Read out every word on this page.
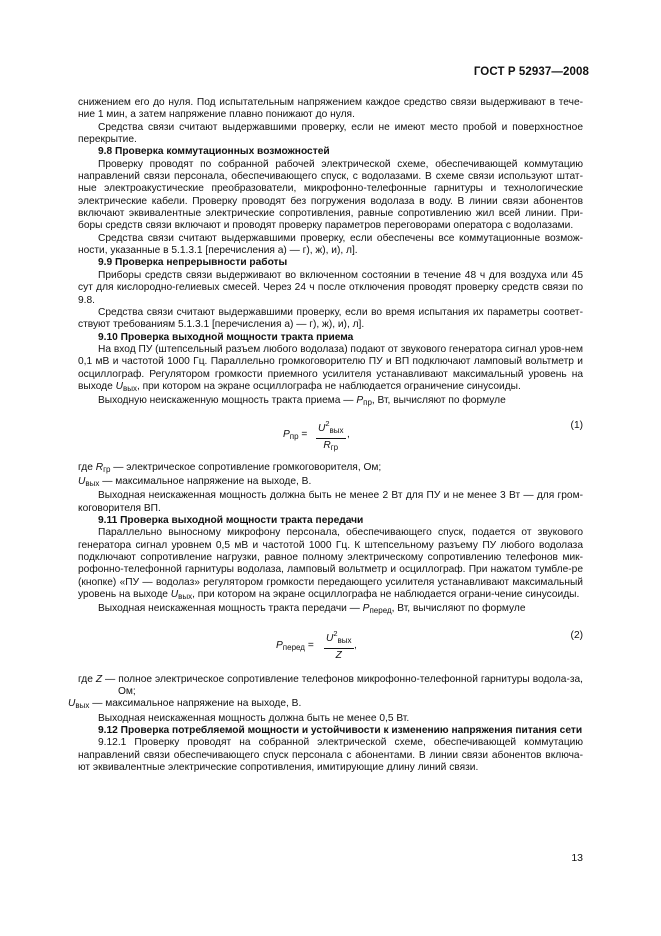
ГОСТ Р 52937—2008

снижением его до нуля. Под испытательным напряжением каждое средство связи выдерживают в тече-ние 1 мин, а затем напряжение плавно понижают до нуля.

Средства связи считают выдержавшими проверку, если не имеют место пробой и поверхностное перекрытие.

9.8 Проверка коммутационных возможностей

Проверку проводят по собранной рабочей электрической схеме, обеспечивающей коммутацию направлений связи персонала, обеспечивающего спуск, с водолазами. В схеме связи используют штат-ные электроакустические преобразователи, микрофонно-телефонные гарнитуры и технологические электрические кабели. Проверку проводят без погружения водолаза в воду. В линии связи абонентов включают эквивалентные электрические сопротивления, равные сопротивлению жил всей линии. При-боры средств связи включают и проводят проверку параметров переговорами оператора с водолазами.

Средства связи считают выдержавшими проверку, если обеспечены все коммутационные возмож-ности, указанные в 5.1.3.1 [перечисления а) — г), ж), и), л].

9.9 Проверка непрерывности работы

Приборы средств связи выдерживают во включенном состоянии в течение 48 ч для воздуха или 45 сут для кислородно-гелиевых смесей. Через 24 ч после отключения проводят проверку средств связи по 9.8.

Средства связи считают выдержавшими проверку, если во время испытания их параметры соответ-ствуют требованиям 5.1.3.1 [перечисления а) — г), ж), и), л].

9.10 Проверка выходной мощности тракта приема

На вход ПУ (штепсельный разъем любого водолаза) подают от звукового генератора сигнал уров-нем 0,1 мВ и частотой 1000 Гц. Параллельно громкоговорителю ПУ и ВП подключают ламповый вольтметр и осциллограф. Регулятором громкости приемного усилителя устанавливают максимальный уровень на выходе Uвых, при котором на экране осциллографа не наблюдается ограничение синусоиды.

Выходную неискаженную мощность тракта приема — Pпр, Вт, вычисляют по формуле

$P_{пр}$ =
$U^2_{вых}$
$R_{гр}$
,
(1)

где Rгр — электрическое сопротивление громкоговорителя, Ом;

Uвых — максимальное напряжение на выходе, В.

Выходная неискаженная мощность должна быть не менее 2 Вт для ПУ и не менее 3 Вт — для гром-коговорителя ВП.

9.11 Проверка выходной мощности тракта передачи

Параллельно выносному микрофону персонала, обеспечивающего спуск, подается от звукового генератора сигнал уровнем 0,5 мВ и частотой 1000 Гц. К штепсельному разъему ПУ любого водолаза подключают сопротивление нагрузки, равное полному электрическому сопротивлению телефонов мик-рофонно-телефонной гарнитуры водолаза, ламповый вольтметр и осциллограф. При нажатом тумбле-ре (кнопке) «ПУ — водолаз» регулятором громкости передающего усилителя устанавливают максимальный уровень на выходе Uвых, при котором на экране осциллографа не наблюдается ограни-чение синусоиды.

Выходная неискаженная мощность тракта передачи — Pперед, Вт, вычисляют по формуле

$P_{перед}$ =
$U^2_{вых}$
Z
,
(2)

где Z — полное электрическое сопротивление телефонов микрофонно-телефонной гарнитуры водола-за, Ом;

Uвых — максимальное напряжение на выходе, В.

Выходная неискаженная мощность должна быть не менее 0,5 Вт.

9.12 Проверка потребляемой мощности и устойчивости к изменению напряжения питания сети

9.12.1 Проверку проводят на собранной электрической схеме, обеспечивающей коммутацию направлений связи обеспечивающего спуск персонала с абонентами. В линии связи абонентов включа-ют эквивалентные электрические сопротивления, имитирующие длину линий связи.

13
